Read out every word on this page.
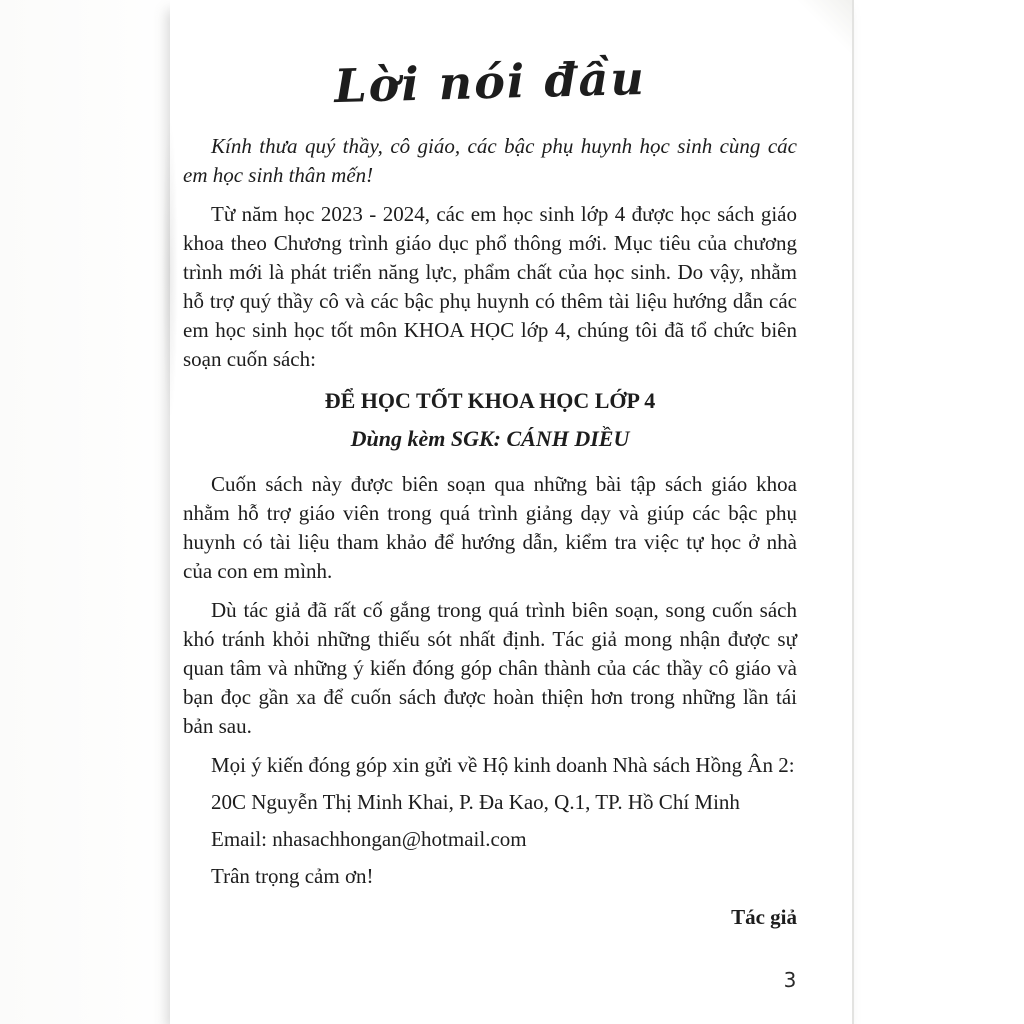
Lời nói đầu

Kính thưa quý thầy, cô giáo, các bậc phụ huynh học sinh cùng các em học sinh thân mến!

Từ năm học 2023 - 2024, các em học sinh lớp 4 được học sách giáo khoa theo Chương trình giáo dục phổ thông mới. Mục tiêu của chương trình mới là phát triển năng lực, phẩm chất của học sinh. Do vậy, nhằm hỗ trợ quý thầy cô và các bậc phụ huynh có thêm tài liệu hướng dẫn các em học sinh học tốt môn KHOA HỌC lớp 4, chúng tôi đã tổ chức biên soạn cuốn sách:

ĐỂ HỌC TỐT KHOA HỌC LỚP 4
Dùng kèm SGK: CÁNH DIỀU

Cuốn sách này được biên soạn qua những bài tập sách giáo khoa nhằm hỗ trợ giáo viên trong quá trình giảng dạy và giúp các bậc phụ huynh có tài liệu tham khảo để hướng dẫn, kiểm tra việc tự học ở nhà của con em mình.

Dù tác giả đã rất cố gắng trong quá trình biên soạn, song cuốn sách khó tránh khỏi những thiếu sót nhất định. Tác giả mong nhận được sự quan tâm và những ý kiến đóng góp chân thành của các thầy cô giáo và bạn đọc gần xa để cuốn sách được hoàn thiện hơn trong những lần tái bản sau.

Mọi ý kiến đóng góp xin gửi về Hộ kinh doanh Nhà sách Hồng Ân 2:

20C Nguyễn Thị Minh Khai, P. Đa Kao, Q.1, TP. Hồ Chí Minh

Email: nhasachhongan@hotmail.com

Trân trọng cảm ơn!

Tác giả

3
